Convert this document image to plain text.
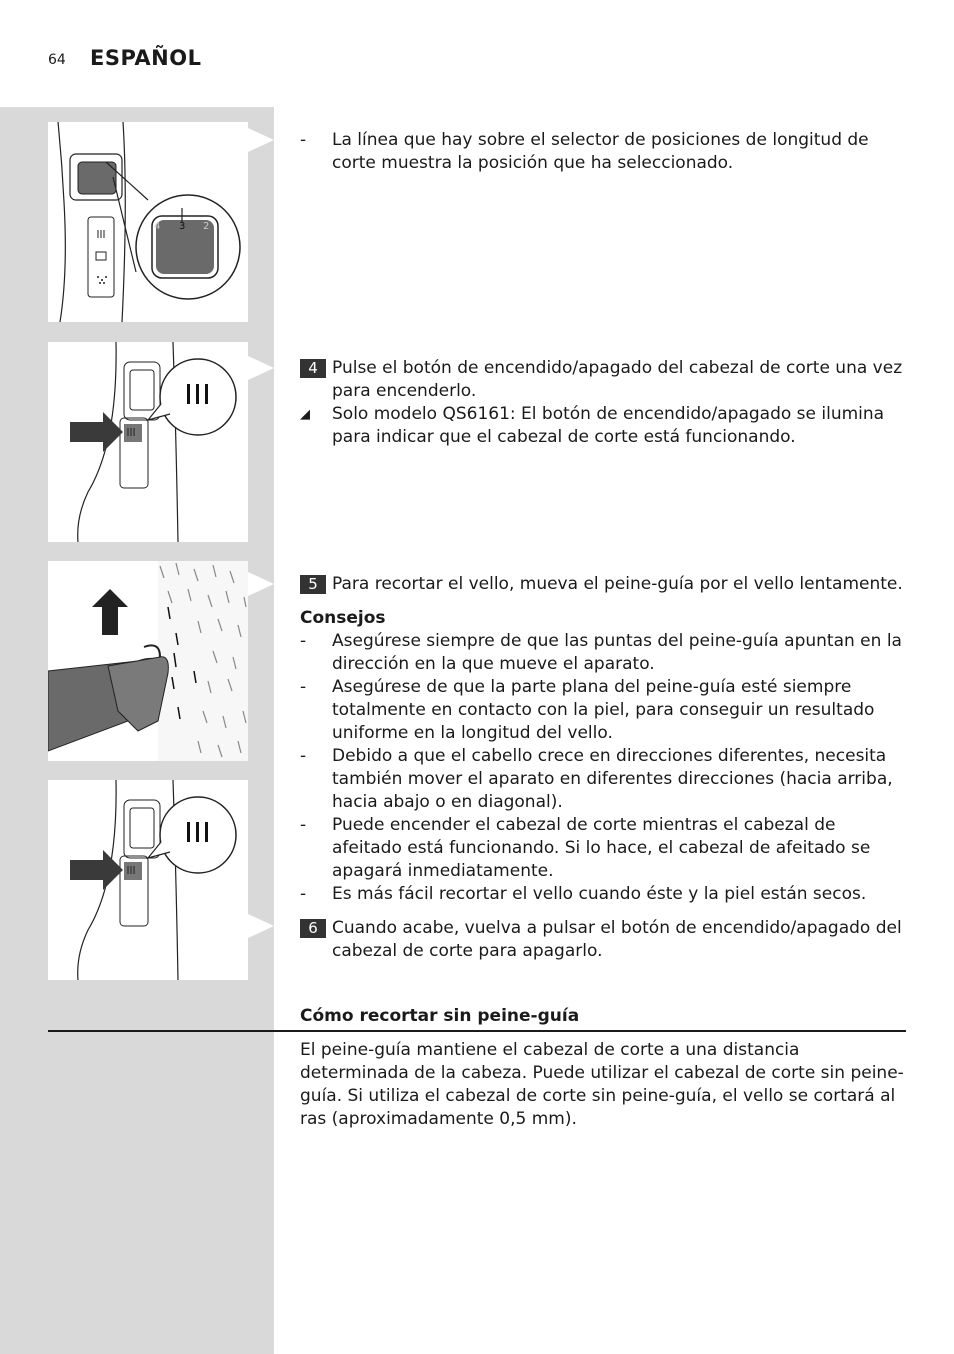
64 ESPAÑOL
4 3 2
- La línea que hay sobre el selector de posiciones de longitud de corte muestra la posición que ha seleccionado.
4 Pulse el botón de encendido/apagado del cabezal de corte una vez para encenderlo.
◢ Solo modelo QS6161: El botón de encendido/apagado se ilumina para indicar que el cabezal de corte está funcionando.
5 Para recortar el vello, mueva el peine-guía por el vello lentamente.
Consejos
- Asegúrese siempre de que las puntas del peine-guía apuntan en la dirección en la que mueve el aparato.
- Asegúrese de que la parte plana del peine-guía esté siempre totalmente en contacto con la piel, para conseguir un resultado uniforme en la longitud del vello.
- Debido a que el cabello crece en direcciones diferentes, necesita también mover el aparato en diferentes direcciones (hacia arriba, hacia abajo o en diagonal).
- Puede encender el cabezal de corte mientras el cabezal de afeitado está funcionando. Si lo hace, el cabezal de afeitado se apagará inmediatamente.
- Es más fácil recortar el vello cuando éste y la piel están secos.
6 Cuando acabe, vuelva a pulsar el botón de encendido/apagado del cabezal de corte para apagarlo.
Cómo recortar sin peine-guía
El peine-guía mantiene el cabezal de corte a una distancia determinada de la cabeza. Puede utilizar el cabezal de corte sin peine-guía. Si utiliza el cabezal de corte sin peine-guía, el vello se cortará al ras (aproximadamente 0,5 mm).
